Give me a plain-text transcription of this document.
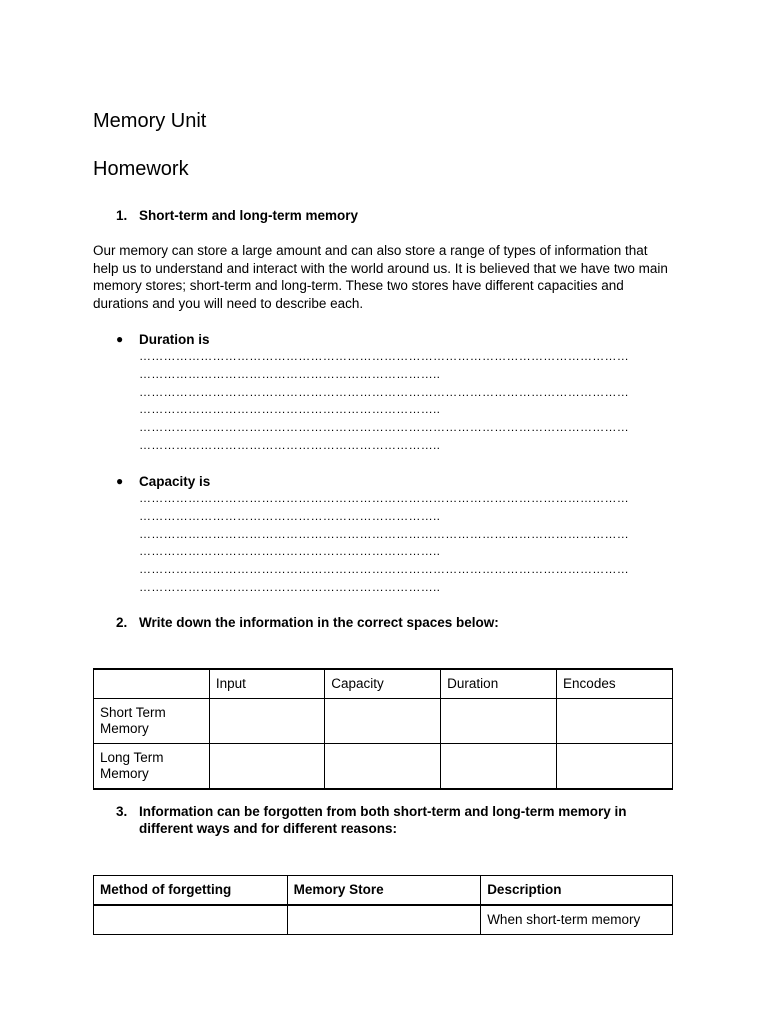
Memory Unit
Homework
1. Short-term and long-term memory
Our memory can store a large amount and can also store a range of types of information that help us to understand and interact with the world around us. It is believed that we have two main memory stores; short-term and long-term. These two stores have different capacities and durations and you will need to describe each.
● Duration is
…………………………………………………………………………………………………………
………………………………………………………………..
…………………………………………………………………………………………………………
………………………………………………………………..
…………………………………………………………………………………………………………
………………………………………………………………..
● Capacity is
…………………………………………………………………………………………………………
………………………………………………………………..
…………………………………………………………………………………………………………
………………………………………………………………..
…………………………………………………………………………………………………………
………………………………………………………………..
2. Write down the information in the correct spaces below:
	Input	Capacity	Duration	Encodes
Short Term Memory				
Long Term Memory				
3. Information can be forgotten from both short-term and long-term memory in different ways and for different reasons:
Method of forgetting	Memory Store	Description
		When short-term memory
